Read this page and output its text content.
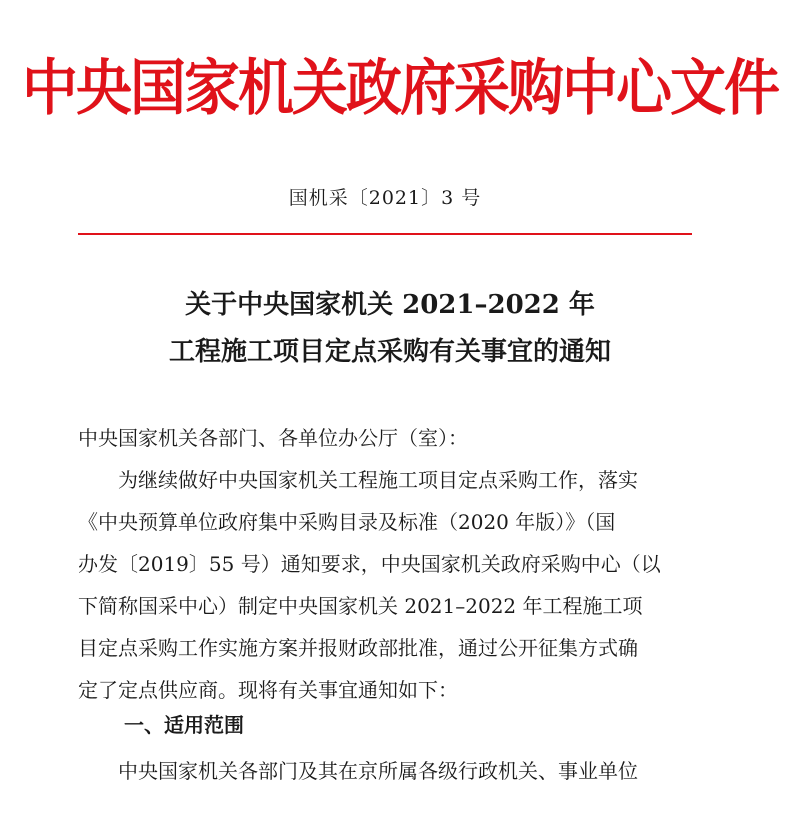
中央国家机关政府采购中心文件
国机采〔2021〕3 号
关于中央国家机关 2021–2022 年
工程施工项目定点采购有关事宜的通知
中央国家机关各部门、各单位办公厅（室）：
为继续做好中央国家机关工程施工项目定点采购工作，落实
《中央预算单位政府集中采购目录及标准（2020 年版）》（国
办发〔2019〕55 号）通知要求，中央国家机关政府采购中心（以
下简称国采中心）制定中央国家机关 2021–2022 年工程施工项
目定点采购工作实施方案并报财政部批准，通过公开征集方式确
定了定点供应商。现将有关事宜通知如下：
一、适用范围
中央国家机关各部门及其在京所属各级行政机关、事业单位
